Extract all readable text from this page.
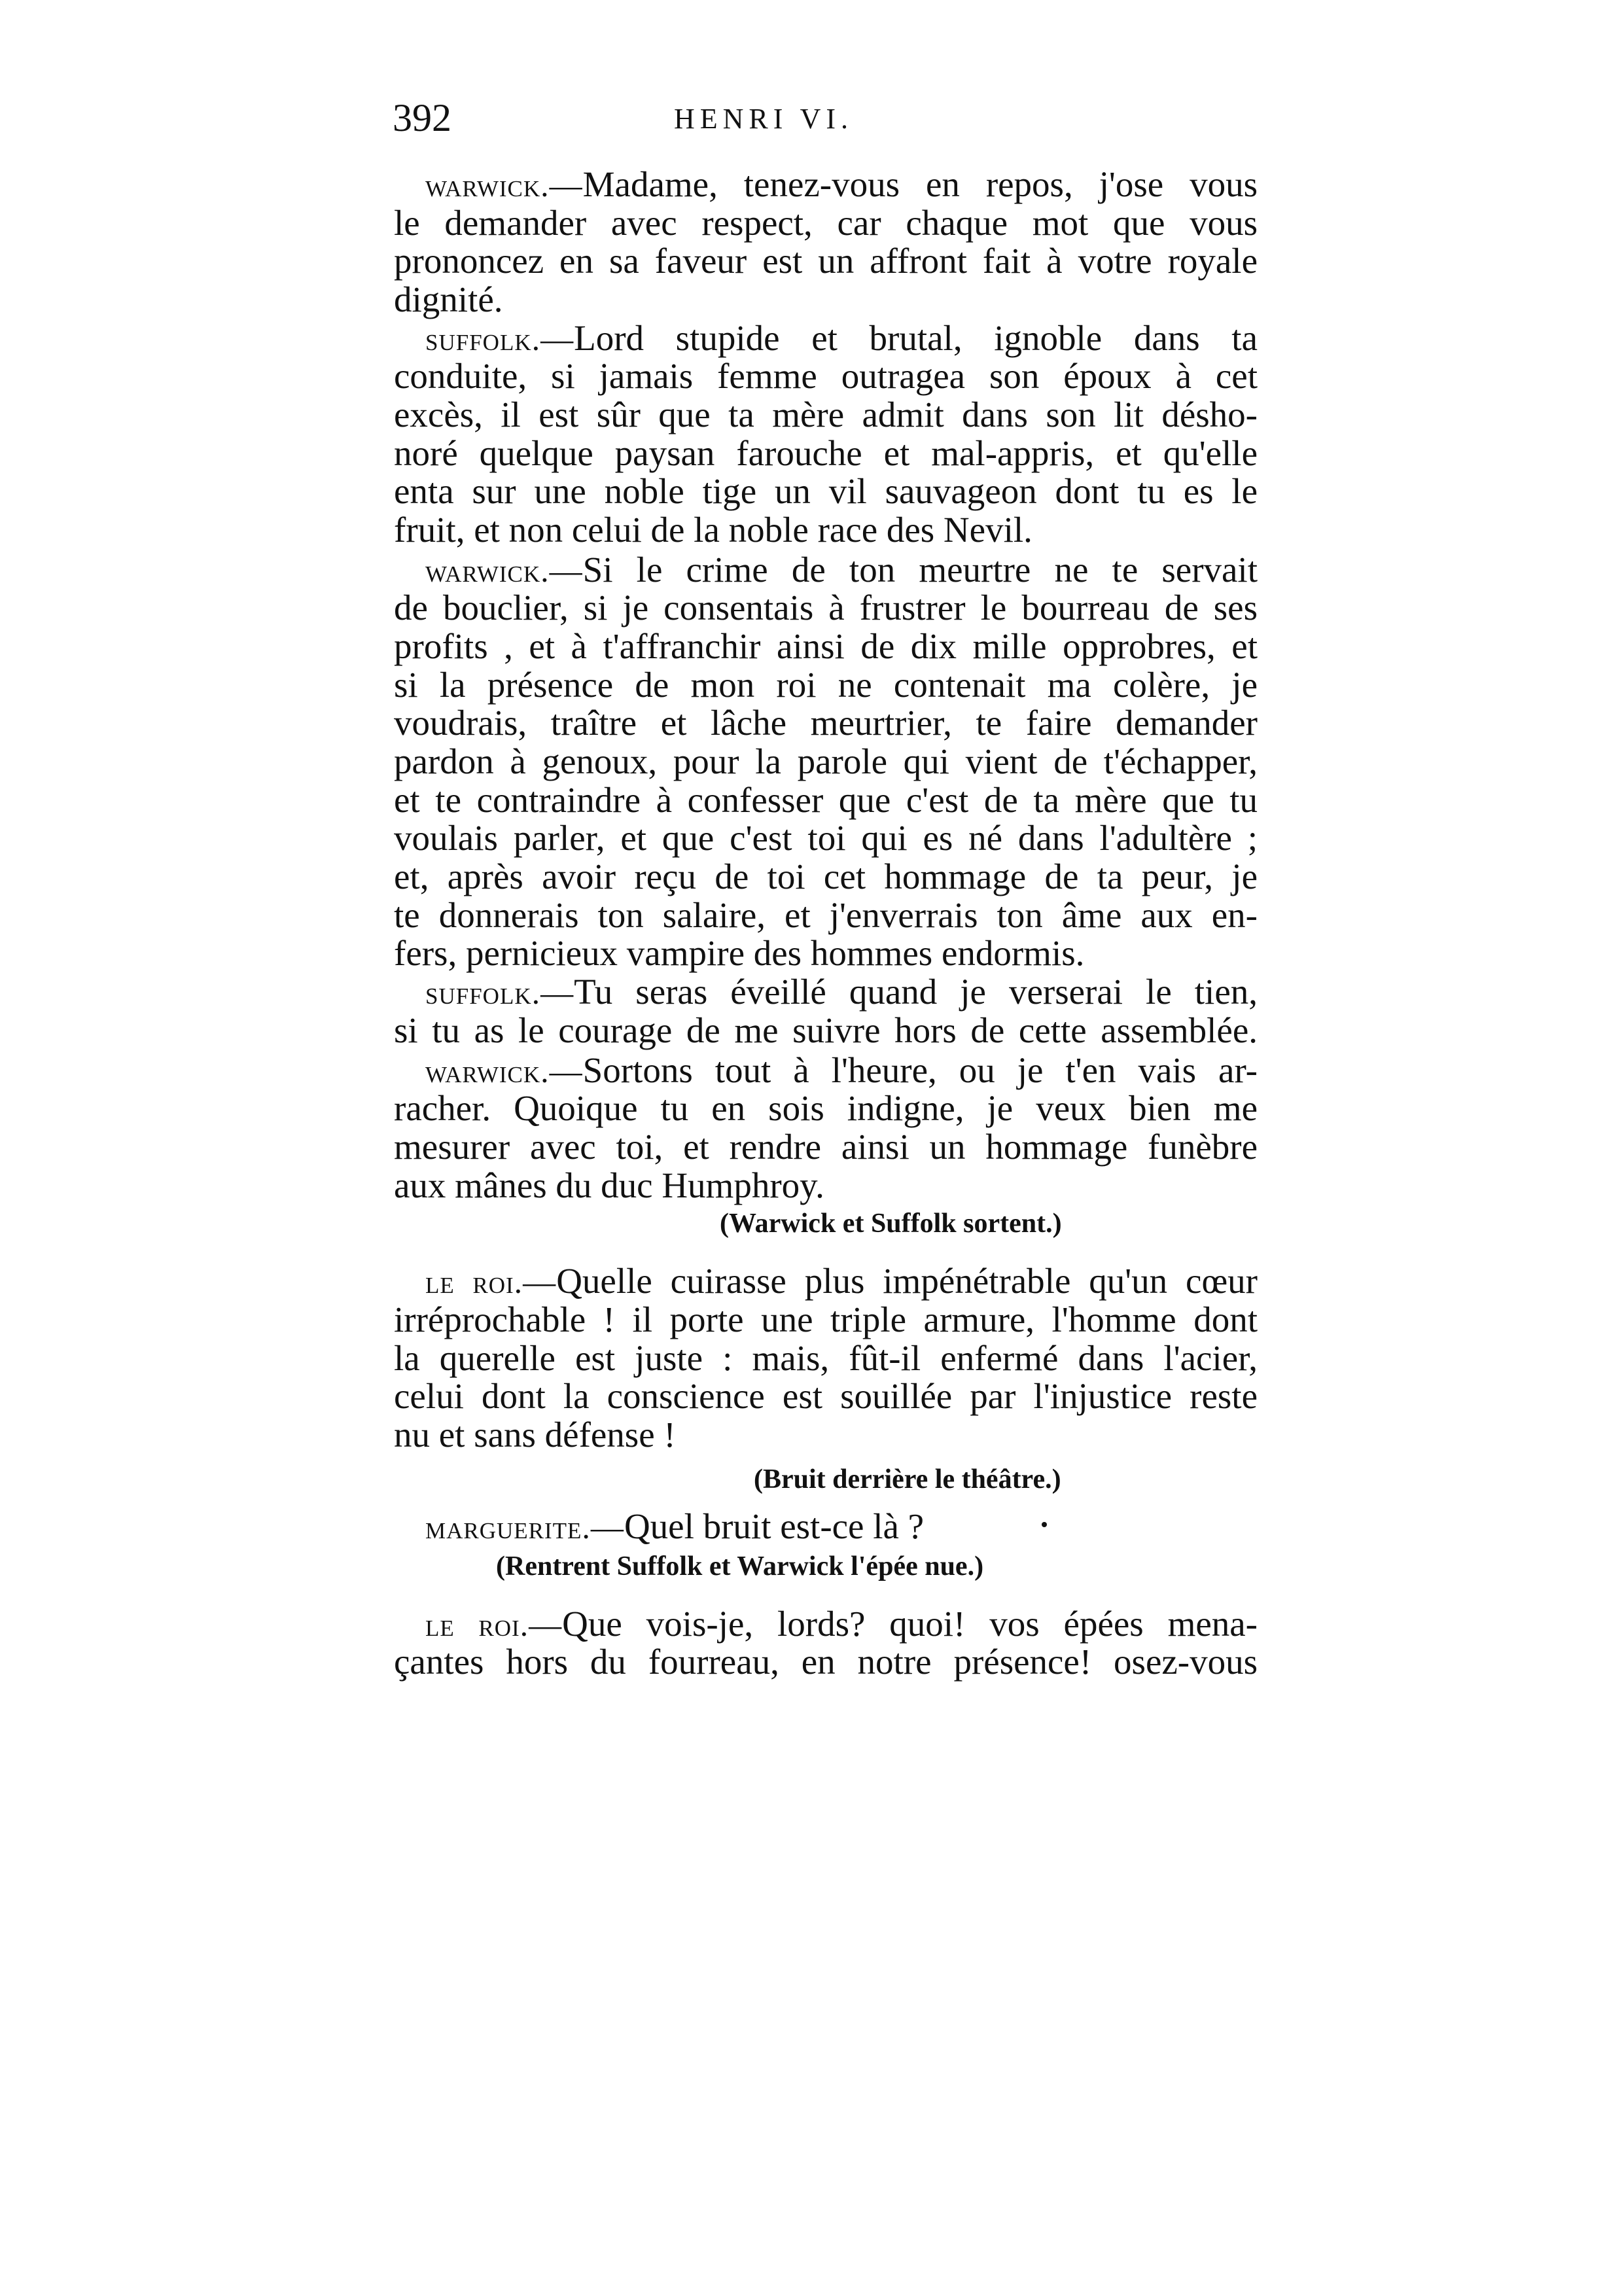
392	HENRI VI.
warwick.—Madame, tenez-vous en repos, j'ose vous
le demander avec respect, car chaque mot que vous
prononcez en sa faveur est un affront fait à votre royale
dignité.
suffolk.—Lord stupide et brutal, ignoble dans ta
conduite, si jamais femme outragea son époux à cet
excès, il est sûr que ta mère admit dans son lit désho-
noré quelque paysan farouche et mal-appris, et qu'elle
enta sur une noble tige un vil sauvageon dont tu es le
fruit, et non celui de la noble race des Nevil.
warwick.—Si le crime de ton meurtre ne te servait
de bouclier, si je consentais à frustrer le bourreau de ses
profits , et à t'affranchir ainsi de dix mille opprobres, et
si la présence de mon roi ne contenait ma colère, je
voudrais, traître et lâche meurtrier, te faire demander
pardon à genoux, pour la parole qui vient de t'échapper,
et te contraindre à confesser que c'est de ta mère que tu
voulais parler, et que c'est toi qui es né dans l'adultère ;
et, après avoir reçu de toi cet hommage de ta peur, je
te donnerais ton salaire, et j'enverrais ton âme aux en-
fers, pernicieux vampire des hommes endormis.
suffolk.—Tu seras éveillé quand je verserai le tien,
si tu as le courage de me suivre hors de cette assemblée.
warwick.—Sortons tout à l'heure, ou je t'en vais ar-
racher. Quoique tu en sois indigne, je veux bien me
mesurer avec toi, et rendre ainsi un hommage funèbre
aux mânes du duc Humphroy.
(Warwick et Suffolk sortent.)
le roi.—Quelle cuirasse plus impénétrable qu'un cœur
irréprochable ! il porte une triple armure, l'homme dont
la querelle est juste : mais, fût-il enfermé dans l'acier,
celui dont la conscience est souillée par l'injustice reste
nu et sans défense !
(Bruit derrière le théâtre.)
marguerite.—Quel bruit est-ce là ?
(Rentrent Suffolk et Warwick l'épée nue.)
le roi.—Que vois-je, lords? quoi! vos épées mena-
çantes hors du fourreau, en notre présence! osez-vous
